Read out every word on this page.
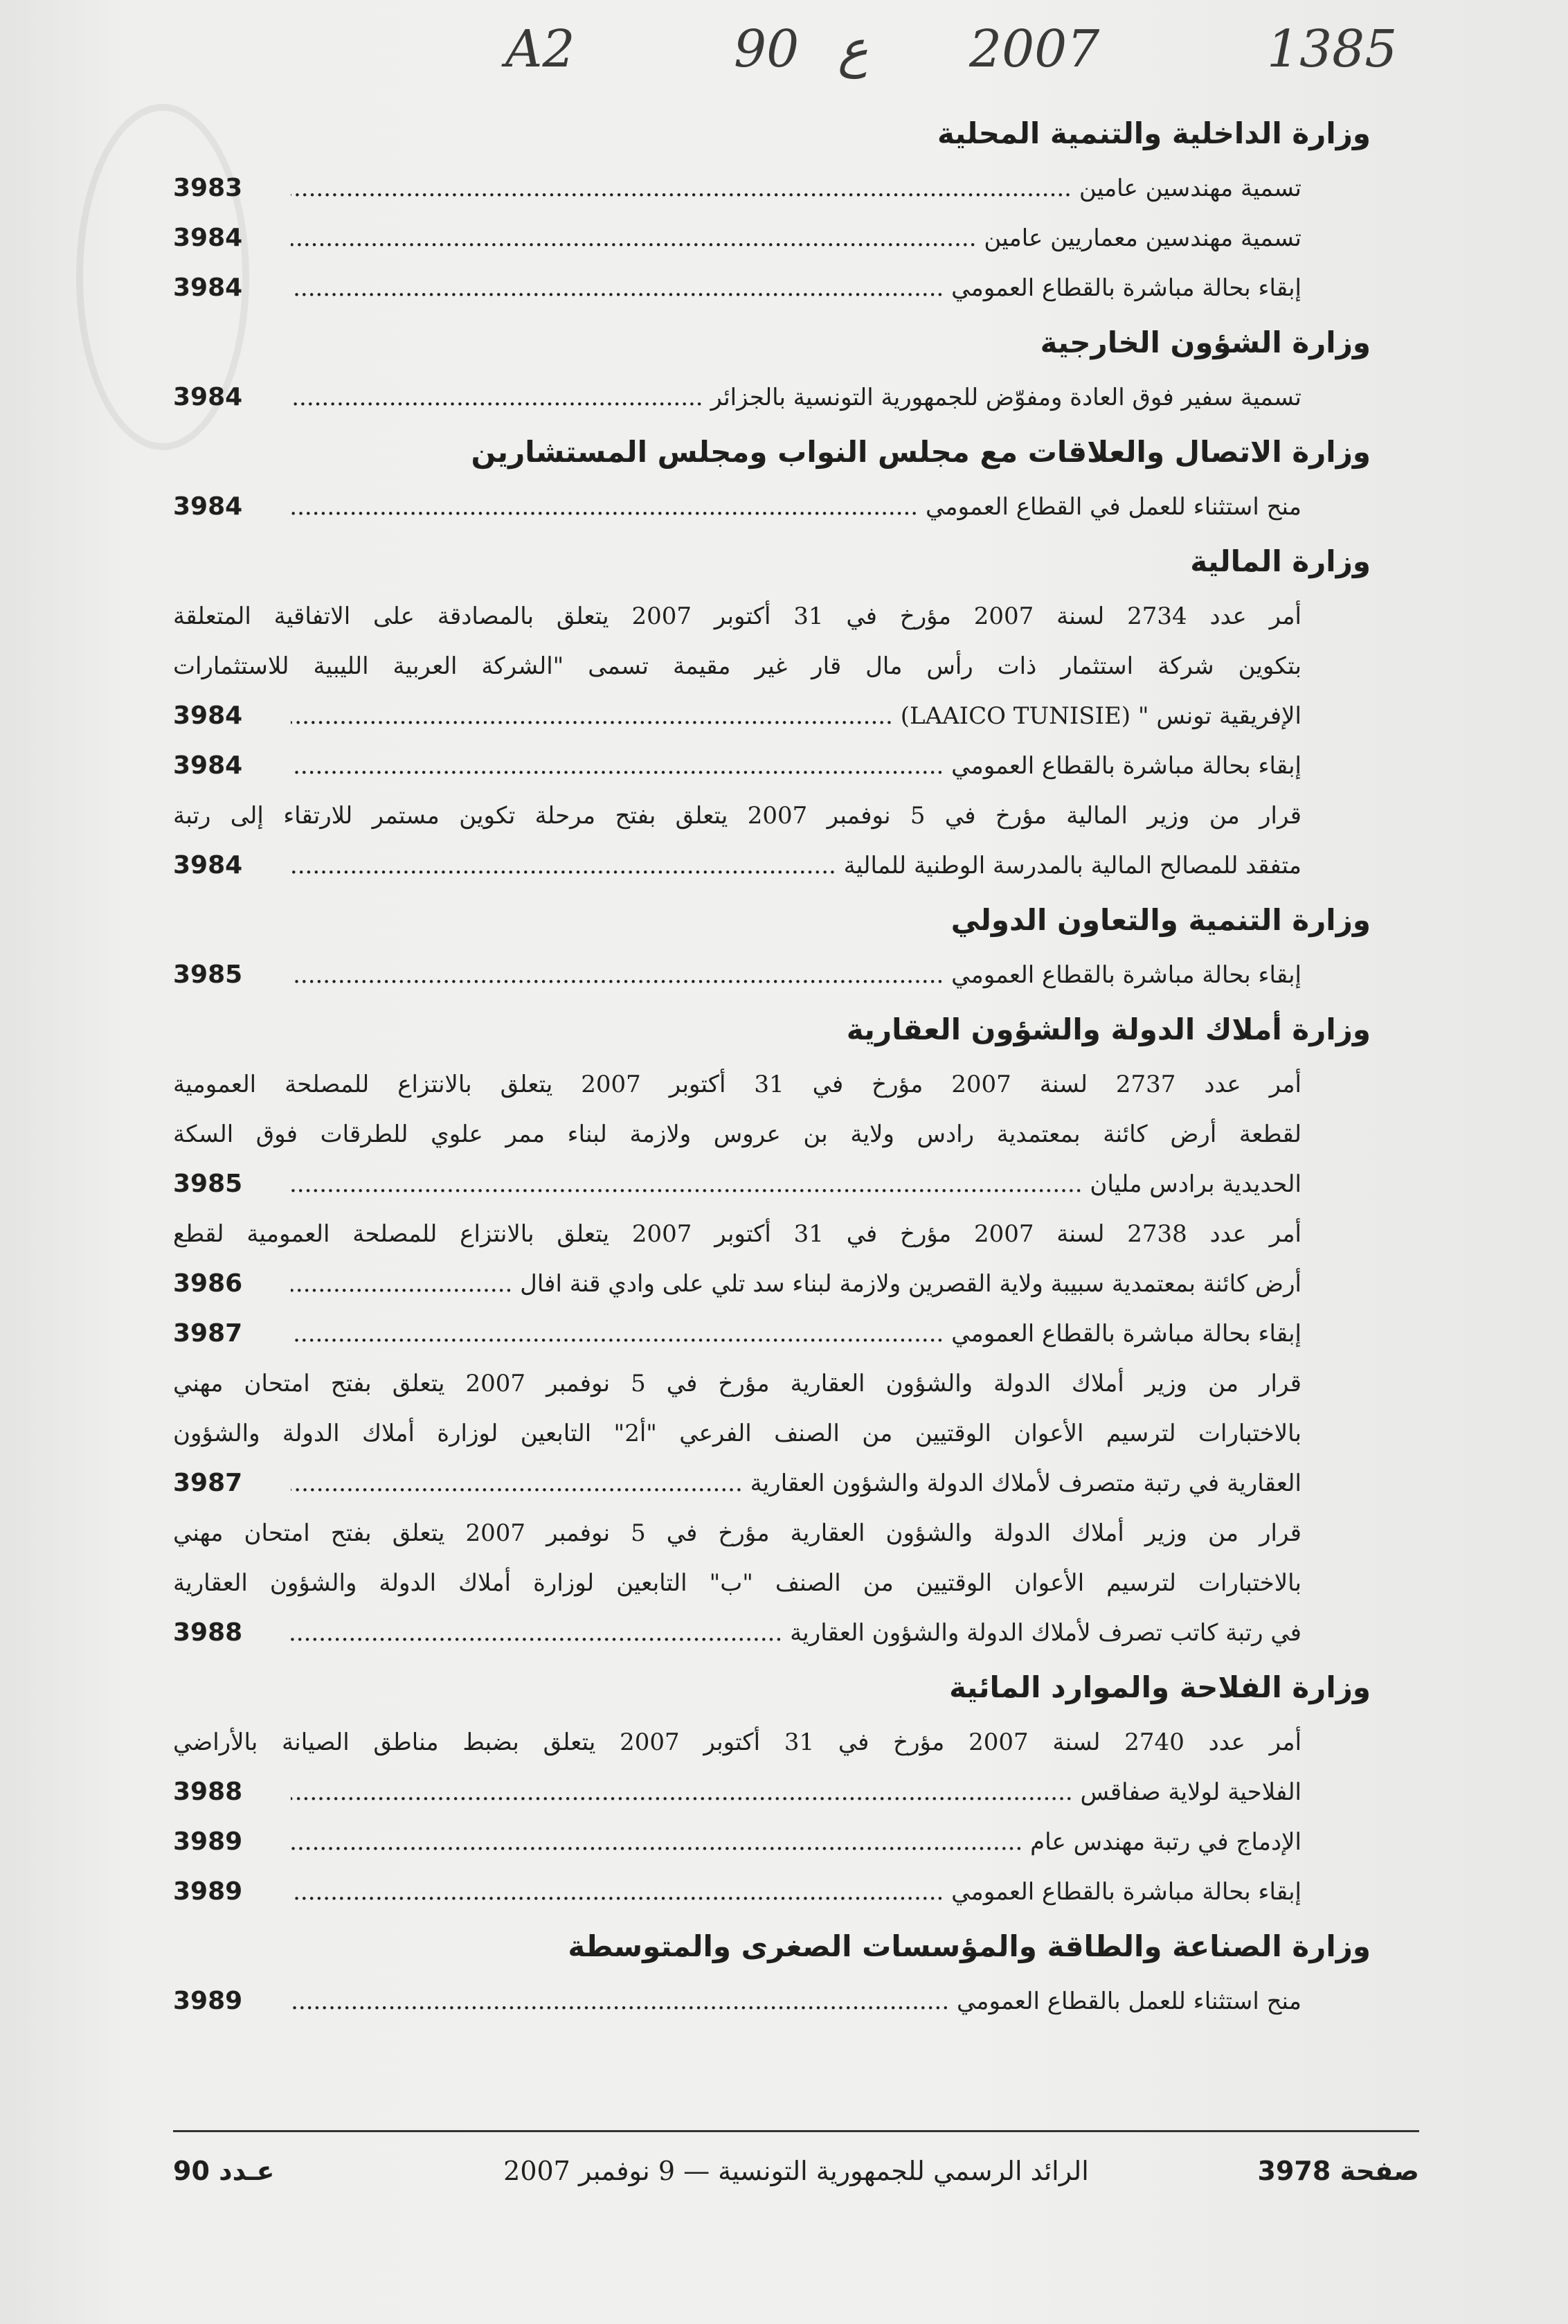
A2	90 ع 2007	1385
وزارة الداخلية والتنمية المحلية
تسمية مهندسين عامين .....
3983
تسمية مهندسين معماريين عامين .....
3984
إبقاء بحالة مباشرة بالقطاع العمومي .....
3984
وزارة الشؤون الخارجية
تسمية سفير فوق العادة ومفوّض للجمهورية التونسية بالجزائر .....
3984
وزارة الاتصال والعلاقات مع مجلس النواب ومجلس المستشارين
منح استثناء للعمل في القطاع العمومي .....
3984
وزارة المالية
أمر عدد 2734 لسنة 2007 مؤرخ في 31 أكتوبر 2007 يتعلق بالمصادقة على الاتفاقية المتعلقة
بتكوين شركة استثمار ذات رأس مال قار غير مقيمة تسمى "الشركة العربية الليبية للاستثمارات
الإفريقية تونس " (LAAICO TUNISIE) .....
3984
إبقاء بحالة مباشرة بالقطاع العمومي .....
3984
قرار من وزير المالية مؤرخ في 5 نوفمبر 2007 يتعلق بفتح مرحلة تكوين مستمر للارتقاء إلى رتبة
متفقد للمصالح المالية بالمدرسة الوطنية للمالية .....
3984
وزارة التنمية والتعاون الدولي
إبقاء بحالة مباشرة بالقطاع العمومي .....
3985
وزارة أملاك الدولة والشؤون العقارية
أمر عدد 2737 لسنة 2007 مؤرخ في 31 أكتوبر 2007 يتعلق بالانتزاع للمصلحة العمومية
لقطعة أرض كائنة بمعتمدية رادس ولاية بن عروس ولازمة لبناء ممر علوي للطرقات فوق السكة
الحديدية برادس مليان .....
3985
أمر عدد 2738 لسنة 2007 مؤرخ في 31 أكتوبر 2007 يتعلق بالانتزاع للمصلحة العمومية لقطع
أرض كائنة بمعتمدية سبيبة ولاية القصرين ولازمة لبناء سد تلي على وادي قنة افال .....
3986
إبقاء بحالة مباشرة بالقطاع العمومي .....
3987
قرار من وزير أملاك الدولة والشؤون العقارية مؤرخ في 5 نوفمبر 2007 يتعلق بفتح امتحان مهني
بالاختبارات لترسيم الأعوان الوقتيين من الصنف الفرعي "أ2" التابعين لوزارة أملاك الدولة والشؤون
العقارية في رتبة متصرف لأملاك الدولة والشؤون العقارية .....
3987
قرار من وزير أملاك الدولة والشؤون العقارية مؤرخ في 5 نوفمبر 2007 يتعلق بفتح امتحان مهني
بالاختبارات لترسيم الأعوان الوقتيين من الصنف "ب" التابعين لوزارة أملاك الدولة والشؤون العقارية
في رتبة كاتب تصرف لأملاك الدولة والشؤون العقارية .....
3988
وزارة الفلاحة والموارد المائية
أمر عدد 2740 لسنة 2007 مؤرخ في 31 أكتوبر 2007 يتعلق بضبط مناطق الصيانة بالأراضي
الفلاحية لولاية صفاقس .....
3988
الإدماج في رتبة مهندس عام .....
3989
إبقاء بحالة مباشرة بالقطاع العمومي .....
3989
وزارة الصناعة والطاقة والمؤسسات الصغرى والمتوسطة
منح استثناء للعمل بالقطاع العمومي .....
3989
عـدد 90	الرائد الرسمي للجمهورية التونسية — 9 نوفمبر 2007	صفحة 3978
